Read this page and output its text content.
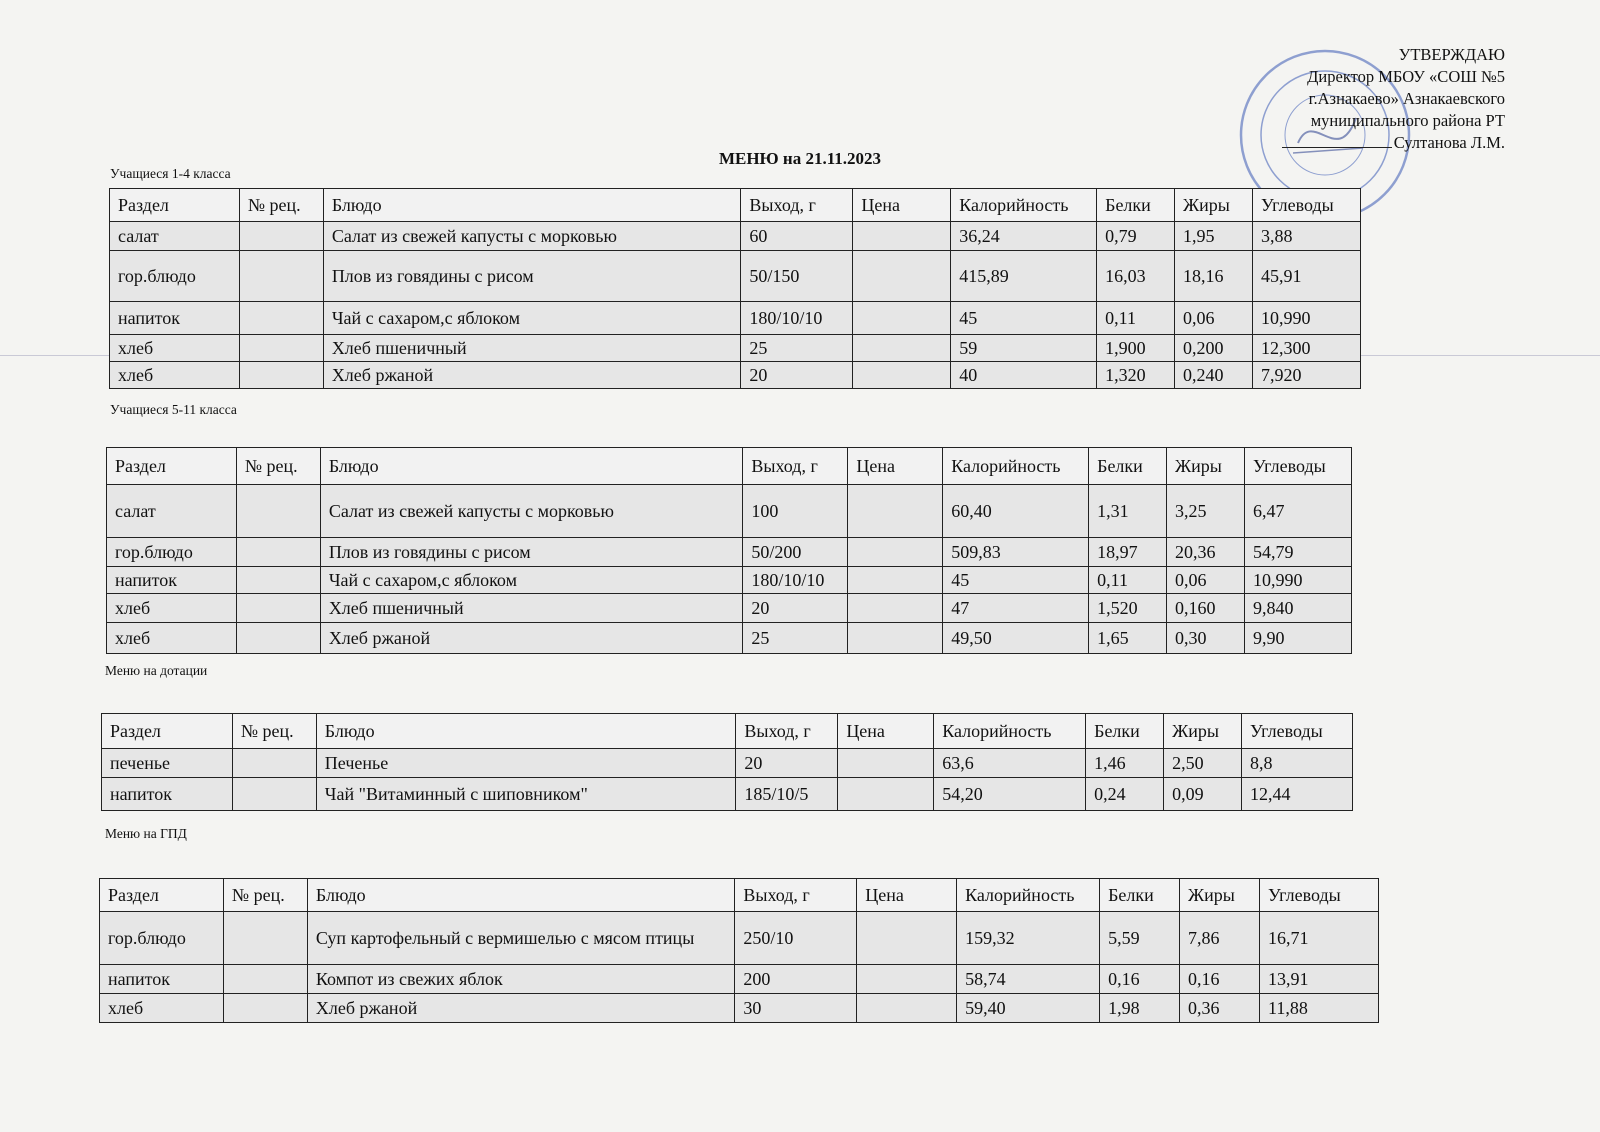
УТВЕРЖДАЮ
Директор МБОУ «СОШ №5
г.Азнакаево» Азнакаевского
муниципального района РТ
Султанова Л.М.
МЕНЮ на 21.11.2023
Учащиеся 1-4 класса
Раздел	№ рец.	Блюдо	Выход, г	Цена	Калорийность	Белки	Жиры	Углеводы
салат		Салат из свежей капусты с морковью	60		36,24	0,79	1,95	3,88
гор.блюдо		Плов из говядины с рисом	50/150		415,89	16,03	18,16	45,91
напиток		Чай с сахаром,с яблоком	180/10/10		45	0,11	0,06	10,990
хлеб		Хлеб пшеничный	25		59	1,900	0,200	12,300
хлеб		Хлеб ржаной	20		40	1,320	0,240	7,920
Учащиеся 5-11 класса
Раздел	№ рец.	Блюдо	Выход, г	Цена	Калорийность	Белки	Жиры	Углеводы
салат		Салат из свежей капусты с морковью	100		60,40	1,31	3,25	6,47
гор.блюдо		Плов из говядины с рисом	50/200		509,83	18,97	20,36	54,79
напиток		Чай с сахаром,с яблоком	180/10/10		45	0,11	0,06	10,990
хлеб		Хлеб пшеничный	20		47	1,520	0,160	9,840
хлеб		Хлеб ржаной	25		49,50	1,65	0,30	9,90
Меню на дотации
Раздел	№ рец.	Блюдо	Выход, г	Цена	Калорийность	Белки	Жиры	Углеводы
печенье		Печенье	20		63,6	1,46	2,50	8,8
напиток		Чай "Витаминный с шиповником"	185/10/5		54,20	0,24	0,09	12,44
Меню на ГПД
Раздел	№ рец.	Блюдо	Выход, г	Цена	Калорийность	Белки	Жиры	Углеводы
гор.блюдо		Суп картофельный с вермишелью с мясом птицы	250/10		159,32	5,59	7,86	16,71
напиток		Компот из свежих яблок	200		58,74	0,16	0,16	13,91
хлеб		Хлеб ржаной	30		59,40	1,98	0,36	11,88
